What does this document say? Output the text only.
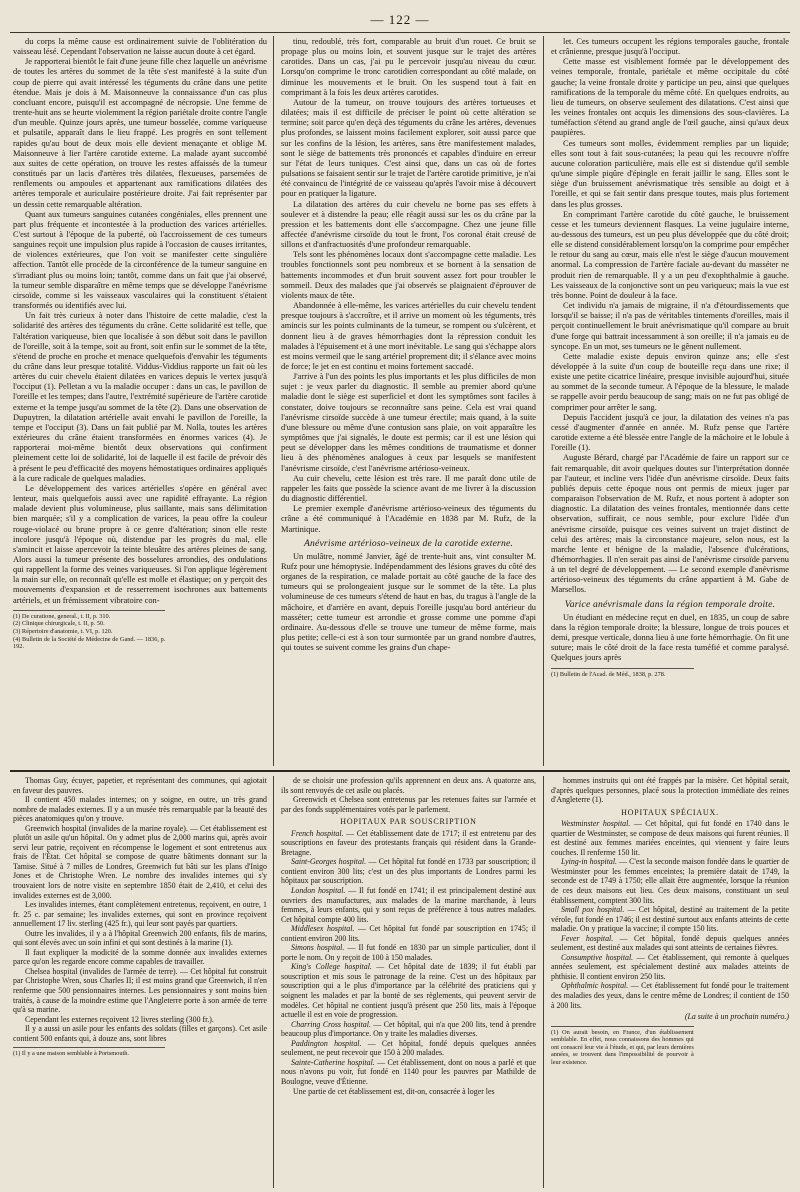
— 122 —

du corps la même cause est ordinairement suivie de l'oblitération du vaisseau lésé. Cependant l'observation ne laisse aucun doute à cet égard.

Je rapporterai bientôt le fait d'une jeune fille chez laquelle un anévrisme de toutes les artères du sommet de la tête s'est manifesté à la suite d'un coup de pierre qui avait intéressé les téguments du crâne dans une petite étendue. Mais je dois à M. Maisonneuve la connaissance d'un cas plus concluant encore, puisqu'il est accompagné de nécropsie. Une femme de trente-huit ans se heurte violemment la région pariétale droite contre l'angle d'un meuble. Quinze jours après, une tumeur bosselée, comme variqueuse et pulsatile, apparaît dans le lieu frappé. Les progrès en sont tellement rapides qu'au bout de deux mois elle devient menaçante et oblige M. Maisonneuve à lier l'artère carotide externe. La malade ayant succombé aux suites de cette opération, on trouve les restes affaissés de la tumeur constitués par un lacis d'artères très dilatées, flexueuses, parsemées de renflements ou ampoules et appartenant aux ramifications dilatées des artères temporale et auriculaire postérieure droite. J'ai fait représenter par un dessin cette remarquable altération.

Quant aux tumeurs sanguines cutanées congéniales, elles prennent une part plus fréquente et incontestée à la production des varices artérielles. C'est surtout à l'époque de la puberté, où l'accroissement de ces tumeurs sanguines reçoit une impulsion plus rapide à l'occasion de causes irritantes, de violences extérieures, que l'on voit se manifester cette singulière affection. Tantôt elle procède de la circonférence de la tumeur sanguine en s'irradiant plus ou moins loin; tantôt, comme dans un fait que j'ai observé, la tumeur semble disparaître en même temps que se développe l'anévrisme cirsoïde, comme si les vaisseaux vasculaires qui la constituent s'étaient transformés ou identifiés avec lui.

Un fait très curieux à noter dans l'histoire de cette maladie, c'est la solidarité des artères des téguments du crâne. Cette solidarité est telle, que l'altération variqueuse, bien que localisée à son début soit dans le pavillon de l'oreille, soit à la tempe, soit au front, soit enfin sur le sommet de la tête, s'étend de proche en proche et menace quelquefois d'envahir les téguments du crâne dans leur presque totalité. Viddus-Viddius rapporte un fait où les artères du cuir chevelu étaient dilatées en varices depuis le vertex jusqu'à l'occiput (1). Pelletan a vu la maladie occuper : dans un cas, le pavillon de l'oreille et les tempes; dans l'autre, l'extrémité supérieure de l'artère carotide externe et la tempe jusqu'au sommet de la tête (2). Dans une observation de Dupuytren, la dilatation artérielle avait envahi le pavillon de l'oreille, la tempe et l'occiput (3). Dans un fait publié par M. Nolla, toutes les artères extérieures du crâne étaient transformées en énormes varices (4). Je rapporterai moi-même bientôt deux observations qui confirment pleinement cette loi de solidarité, loi de laquelle il est facile de prévoir dès à présent le peu d'efficacité des moyens hémostatiques ordinaires appliqués à la cure radicale de quelques maladies.

Le développement des varices artérielles s'opère en général avec lenteur, mais quelquefois aussi avec une rapidité effrayante. La région malade devient plus volumineuse, plus saillante, mais sans délimitation bien marquée; s'il y a complication de varices, la peau offre la couleur rouge-violacé ou brune propre à ce genre d'altération; sinon elle reste incolore jusqu'à l'époque où, distendue par les progrès du mal, elle s'amincit et laisse apercevoir la teinte bleuâtre des artères pleines de sang. Alors aussi la tumeur présente des bosselures arrondies, des ondulations qui rappellent la forme des veines variqueuses. Si l'on applique légèrement la main sur elle, on reconnaît qu'elle est molle et élastique; on y perçoit des mouvements d'expansion et de resserrement isochrones aux battements artériels, et un frémissement vibratoire con-

(1) De curatione, general., t. II, p. 310.
(2) Clinique chirurgicale, t. II, p. 50.
(3) Répertoire d'anatomie, t. VI, p. 120.
(4) Bulletin de la Société de Médecine de Gand. — 1836, p. 192.

tinu, redoublé, très fort, comparable au bruit d'un rouet. Ce bruit se propage plus ou moins loin, et souvent jusque sur le trajet des artères carotides. Dans un cas, j'ai pu le percevoir jusqu'au niveau du cœur. Lorsqu'on comprime le tronc carotidien correspondant au côté malade, on diminue les mouvements et le bruit. On les suspend tout à fait en comprimant à la fois les deux artères carotides.

Autour de la tumeur, on trouve toujours des artères tortueuses et dilatées; mais il est difficile de préciser le point où cette altération se termine; soit parce qu'en deçà des téguments du crâne les artères, devenues plus profondes, se laissent moins facilement explorer, soit aussi parce que sur les confins de la lésion, les artères, sans être manifestement malades, sont le siège de battements très prononcés et capables d'induire en erreur sur l'état de leurs tuniques. C'est ainsi que, dans un cas où de fortes pulsations se faisaient sentir sur le trajet de l'artère carotide primitive, je n'ai été convaincu de l'intégrité de ce vaisseau qu'après l'avoir mise à découvert pour en pratiquer la ligature.

La dilatation des artères du cuir chevelu ne borne pas ses effets à soulever et à distendre la peau; elle réagit aussi sur les os du crâne par la pression et les battements dont elle s'accompagne. Chez une jeune fille affectée d'anévrisme cirsoïde du tout le front, l'os coronal était creusé de sillons et d'anfractuosités d'une profondeur remarquable.

Tels sont les phénomènes locaux dont s'accompagne cette maladie. Les troubles fonctionnels sont peu nombreux et se bornent à la sensation de battements incommodes et d'un bruit souvent assez fort pour troubler le sommeil. Deux des malades que j'ai observés se plaignaient d'éprouver de violents maux de tête.

Abandonnée à elle-même, les varices artérielles du cuir chevelu tendent presque toujours à s'accroître, et il arrive un moment où les téguments, très amincis sur les points culminants de la tumeur, se rompent ou s'ulcèrent, et donnent lieu à de graves hémorrhagies dont la répression conduit les malades à l'épuisement et à une mort inévitable. Le sang qui s'échappe alors est moins vermeil que le sang artériel proprement dit; il s'élance avec moins de force; le jet en est continu et moins fortement saccadé.

J'arrive à l'un des points les plus importants et les plus difficiles de mon sujet : je veux parler du diagnostic. Il semble au premier abord qu'une maladie dont le siège est superficiel et dont les symptômes sont faciles à constater, doive toujours se reconnaître sans peine. Cela est vrai quand l'anévrisme cirsoïde succède à une tumeur érectile; mais quand, à la suite d'une blessure ou même d'une contusion sans plaie, on voit apparaître les symptômes que j'ai signalés, le doute est permis; car il est une lésion qui peut se développer dans les mêmes conditions de traumatisme et donner lieu à des phénomènes analogues à ceux par lesquels se manifestent l'anévrisme cirsoïde, c'est l'anévrisme artérioso-veineux.

Au cuir chevelu, cette lésion est très rare. Il me paraît donc utile de rappeler les faits que possède la science avant de me livrer à la discussion du diagnostic différentiel.

Le premier exemple d'anévrisme artérioso-veineux des téguments du crâne a été communiqué à l'Académie en 1838 par M. Rufz, de la Martinique.

Anévrisme artérioso-veineux de la carotide externe.

Un mulâtre, nommé Janvier, âgé de trente-huit ans, vint consulter M. Rufz pour une hémoptysie. Indépendamment des lésions graves du côté des organes de la respiration, ce malade portait au côté gauche de la face des tumeurs qui se prolongeaient jusque sur le sommet de la tête. La plus volumineuse de ces tumeurs s'étend de haut en bas, du tragus à l'angle de la mâchoire, et d'arrière en avant, depuis l'oreille jusqu'au bord antérieur du masséter; cette tumeur est arrondie et grosse comme une pomme d'api ordinaire. Au-dessous d'elle se trouve une tumeur de même forme, mais plus petite; celle-ci est à son tour surmontée par un grand nombre d'autres, qui toutes se suivent comme les grains d'un chape-

let. Ces tumeurs occupent les régions temporales gauche, frontale et crânienne, presque jusqu'à l'occiput.

Cette masse est visiblement formée par le développement des veines temporale, frontale, pariétale et même occipitale du côté gauche; la veine frontale droite y participe un peu, ainsi que quelques ramifications de la temporale du même côté. En quelques endroits, au lieu de tumeurs, on observe seulement des dilatations. C'est ainsi que les veines frontales ont acquis les dimensions des sous-clavières. La tuméfaction s'étend au grand angle de l'œil gauche, ainsi qu'aux deux paupières.

Ces tumeurs sont molles, évidemment remplies par un liquide; elles sont tout à fait sous-cutanées; la peau qui les recouvre n'offre aucune coloration particulière, mais elle est si distendue qu'il semble qu'une simple piqûre d'épingle en ferait jaillir le sang. Elles sont le siège d'un bruissement anévrismatique très sensible au doigt et à l'oreille, et qui se fait sentir dans presque toutes, mais plus fortement dans les plus grosses.

En comprimant l'artère carotide du côté gauche, le bruissement cesse et les tumeurs deviennent flasques. La veine jugulaire interne, au-dessous des tumeurs, est un peu plus développée que du côté droit; elle se distend considérablement lorsqu'on la comprime pour empêcher le retour du sang au cœur, mais elle n'est le siège d'aucun mouvement anormal. La compression de l'artère faciale au-devant du masséter ne produit rien de remarquable. Il y a un peu d'exophthalmie à gauche. Les vaisseaux de la conjonctive sont un peu variqueux; mais la vue est très bonne. Point de douleur à la face.

Cet individu n'a jamais de migraine, il n'a d'étourdissements que lorsqu'il se baisse; il n'a pas de véritables tintements d'oreilles, mais il perçoit continuellement le bruit anévrismatique qu'il compare au bruit d'une forge qui battrait incessamment à son oreille; il n'a jamais eu de syncope. En un mot, ses tumeurs ne le gênent nullement.

Cette maladie existe depuis environ quinze ans; elle s'est développée à la suite d'un coup de bouteille reçu dans une rixe; il existe une petite cicatrice linéaire, presque invisible aujourd'hui, située au sommet de la seconde tumeur. A l'époque de la blessure, le malade se rappelle avoir perdu beaucoup de sang; mais on ne fut pas obligé de comprimer pour arrêter le sang.

Depuis l'accident jusqu'à ce jour, la dilatation des veines n'a pas cessé d'augmenter d'année en année. M. Rufz pense que l'artère carotide externe a été blessée entre l'angle de la mâchoire et le lobule à l'oreille (1).

Auguste Bérard, chargé par l'Académie de faire un rapport sur ce fait remarquable, dit avoir quelques doutes sur l'interprétation donnée par l'auteur, et incline vers l'idée d'un anévrisme cirsoïde. Deux faits publiés depuis cette époque nous ont permis de mieux juger par comparaison l'observation de M. Rufz, et nous portent à adopter son diagnostic. La dilatation des veines frontales, mentionnée dans cette observation, suffirait, ce nous semble, pour exclure l'idée d'un anévrisme cirsoïde, puisque ces veines suivent un trajet distinct de celui des artères; mais la circonstance majeure, selon nous, est la marche lente et bénigne de la maladie, l'absence d'ulcérations, d'hémorrhagies. Il n'en serait pas ainsi de l'anévrisme cirsoïde parvenu à un tel degré de développement. — Le second exemple d'anévrisme artérioso-veineux des téguments du crâne appartient à M. Gabe de Marsellos.

Varice anévrismale dans la région temporale droite.

Un étudiant en médecine reçut en duel, en 1835, un coup de sabre dans la région temporale droite; la blessure, longue de trois pouces et demi, presque verticale, donna lieu à une forte hémorrhagie. On fit une suture; mais le côté droit de la face resta tuméfié et comme paralysé. Quelques jours après

(1) Bulletin de l'Acad. de Méd., 1838, p. 278.

Thomas Guy, écuyer, papetier, et représentant des communes, qui agiotait en faveur des pauvres.

Il contient 450 malades internes; on y soigne, en outre, un très grand nombre de malades externes. Il y a un musée très remarquable par la beauté des pièces anatomiques qu'on y trouve.

Greenwich hospital (invalides de la marine royale). — Cet établissement est plutôt un asile qu'un hôpital. On y admet plus de 2,000 marins qui, après avoir servi leur patrie, reçoivent en récompense le logement et sont entretenus aux frais de l'État. Cet hôpital se compose de quatre bâtiments donnant sur la Tamise. Situé à 7 milles de Londres, Greenwich fut bâti sur les plans d'Inigo Jones et de Christophe Wren. Le nombre des invalides internes qui s'y trouvaient lors de notre visite en septembre 1850 était de 2,410, et celui des invalides externes est de 3,000.

Les invalides internes, étant complètement entretenus, reçoivent, en outre, 1 fr. 25 c. par semaine; les invalides externes, qui sont en province reçoivent annuellement 17 liv. sterling (425 fr.), qui leur sont payés par quartiers.

Outre les invalides, il y a à l'hôpital Greenwich 200 enfants, fils de marins, qui sont élevés avec un soin infini et qui sont destinés à la marine (1).

Il faut expliquer la modicité de la somme donnée aux invalides externes parce qu'on les regarde encore comme capables de travailler.

Chelsea hospital (invalides de l'armée de terre). — Cet hôpital fut construit par Christophe Wren, sous Charles II; il est moins grand que Greenwich, il n'en renferme que 500 pensionnaires internes. Les pensionnaires y sont moins bien traités, à cause de la moindre estime que l'Angleterre porte à son armée de terre qu'à sa marine.

Cependant les externes reçoivent 12 livres sterling (300 fr.).

Il y a aussi un asile pour les enfants des soldats (filles et garçons). Cet asile contient 500 enfants qui, à douze ans, sont libres

(1) Il y a une maison semblable à Portsmouth.

de se choisir une profession qu'ils apprennent en deux ans. A quatorze ans, ils sont renvoyés de cet asile ou placés.

Greenwich et Chelsea sont entretenus par les retenues faites sur l'armée et par des fonds supplémentaires votés par le parlement.

HOPITAUX PAR SOUSCRIPTION

French hospital. — Cet établissement date de 1717; il est entretenu par des souscriptions en faveur des protestants français qui résident dans la Grande-Bretagne.

Saint-Georges hospital. — Cet hôpital fut fondé en 1733 par souscription; il contient environ 300 lits; c'est un des plus importants de Londres parmi les hôpitaux par souscription.

London hospital. — Il fut fondé en 1741; il est principalement destiné aux ouvriers des manufactures, aux malades de la marine marchande, à leurs femmes, à leurs enfants, qui y sont reçus de préférence à tous autres malades. Cet hôpital compte 400 lits.

Middlesex hospital. — Cet hôpital fut fondé par souscription en 1745; il contient environ 200 lits.

Simons hospital. — Il fut fondé en 1830 par un simple particulier, dont il porte le nom. On y reçoit de 100 à 150 malades.

King's College hospital. — Cet hôpital date de 1839; il fut établi par souscription et mis sous le patronage de la reine. C'est un des hôpitaux par souscription qui a le plus d'importance par la célébrité des praticiens qui y soignent les malades et par la bonté de ses règlements, qui peuvent servir de modèles. Cet hôpital ne contient jusqu'à présent que 250 lits, mais à l'époque actuelle il est en voie de progression.

Charring Cross hospital. — Cet hôpital, qui n'a que 200 lits, tend à prendre beaucoup plus d'importance. On y traite les maladies diverses.

Paddington hospital. — Cet hôpital, fondé depuis quelques années seulement, ne peut recevoir que 150 à 200 malades.

Sainte-Catherine hospital. — Cet établissement, dont on nous a parlé et que nous n'avons pu voir, fut fondé en 1140 pour les pauvres par Mathilde de Boulogne, veuve d'Étienne.

Une partie de cet établissement est, dit-on, consacrée à loger les

hommes instruits qui ont été frappés par la misère. Cet hôpital serait, d'après quelques personnes, placé sous la protection immédiate des reines d'Angleterre (1).

HOPITAUX SPÉCIAUX.

Westminster hospital. — Cet hôpital, qui fut fondé en 1740 dans le quartier de Westminster, se compose de deux maisons qui furent réunies. Il est destiné aux femmes mariées enceintes, qui viennent y faire leurs couches. Il renferme 150 lit.

Lying-in hospital. — C'est la seconde maison fondée dans le quartier de Westminster pour les femmes enceintes; la première datait de 1749, la seconde est de 1749 à 1750; elle allait être augmentée, lorsque la réunion de ces deux maisons eut lieu. Ces deux maisons, constituant un seul établissement, comptent 300 lits.

Small pox hospital. — Cet hôpital, destiné au traitement de la petite vérole, fut fondé en 1746; il est destiné surtout aux enfants atteints de cette maladie. On y pratique la vaccine; il compte 150 lits.

Fever hospital. — Cet hôpital, fondé depuis quelques années seulement, est destiné aux malades qui sont atteints de certaines fièvres.

Consumptive hospital. — Cet établissement, qui remonte à quelques années seulement, est spécialement destiné aux malades atteints de phthisie. Il contient environ 250 lits.

Ophthalmic hospital. — Cet établissement fut fondé pour le traitement des maladies des yeux, dans le centre même de Londres; il contient de 150 à 200 lits.

(La suite à un prochain numéro.)
(1) On aurait besoin, en France, d'un établissement semblable. En effet, nous connaissons des hommes qui ont consacré leur vie à l'étude, et qui, par leurs dernières années, se trouvent dans l'impossibilité de pourvoir à leur existence.
